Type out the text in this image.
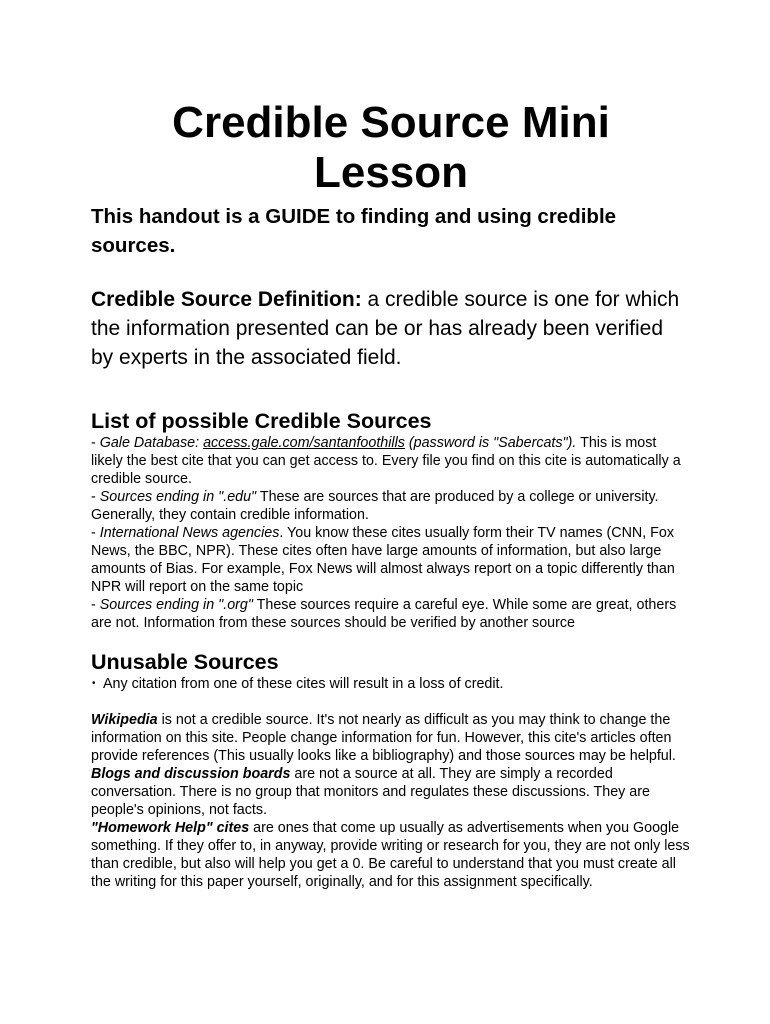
Credible Source Mini Lesson

This handout is a GUIDE to finding and using credible sources.

Credible Source Definition: a credible source is one for which the information presented can be or has already been verified by experts in the associated field.

List of possible Credible Sources

- Gale Database: access.gale.com/santanfoothills (password is "Sabercats"). This is most likely the best cite that you can get access to. Every file you find on this cite is automatically a credible source.

- Sources ending in ".edu" These are sources that are produced by a college or university. Generally, they contain credible information.

- International News agencies. You know these cites usually form their TV names (CNN, Fox News, the BBC, NPR). These cites often have large amounts of information, but also large amounts of Bias. For example, Fox News will almost always report on a topic differently than NPR will report on the same topic

- Sources ending in ".org" These sources require a careful eye. While some are great, others are not. Information from these sources should be verified by another source

Unusable Sources
• Any citation from one of these cites will result in a loss of credit.

Wikipedia is not a credible source. It's not nearly as difficult as you may think to change the information on this site. People change information for fun. However, this cite's articles often provide references (This usually looks like a bibliography) and those sources may be helpful.

Blogs and discussion boards are not a source at all. They are simply a recorded conversation. There is no group that monitors and regulates these discussions. They are people's opinions, not facts.

"Homework Help" cites are ones that come up usually as advertisements when you Google something. If they offer to, in anyway, provide writing or research for you, they are not only less than credible, but also will help you get a 0. Be careful to understand that you must create all the writing for this paper yourself, originally, and for this assignment specifically.
